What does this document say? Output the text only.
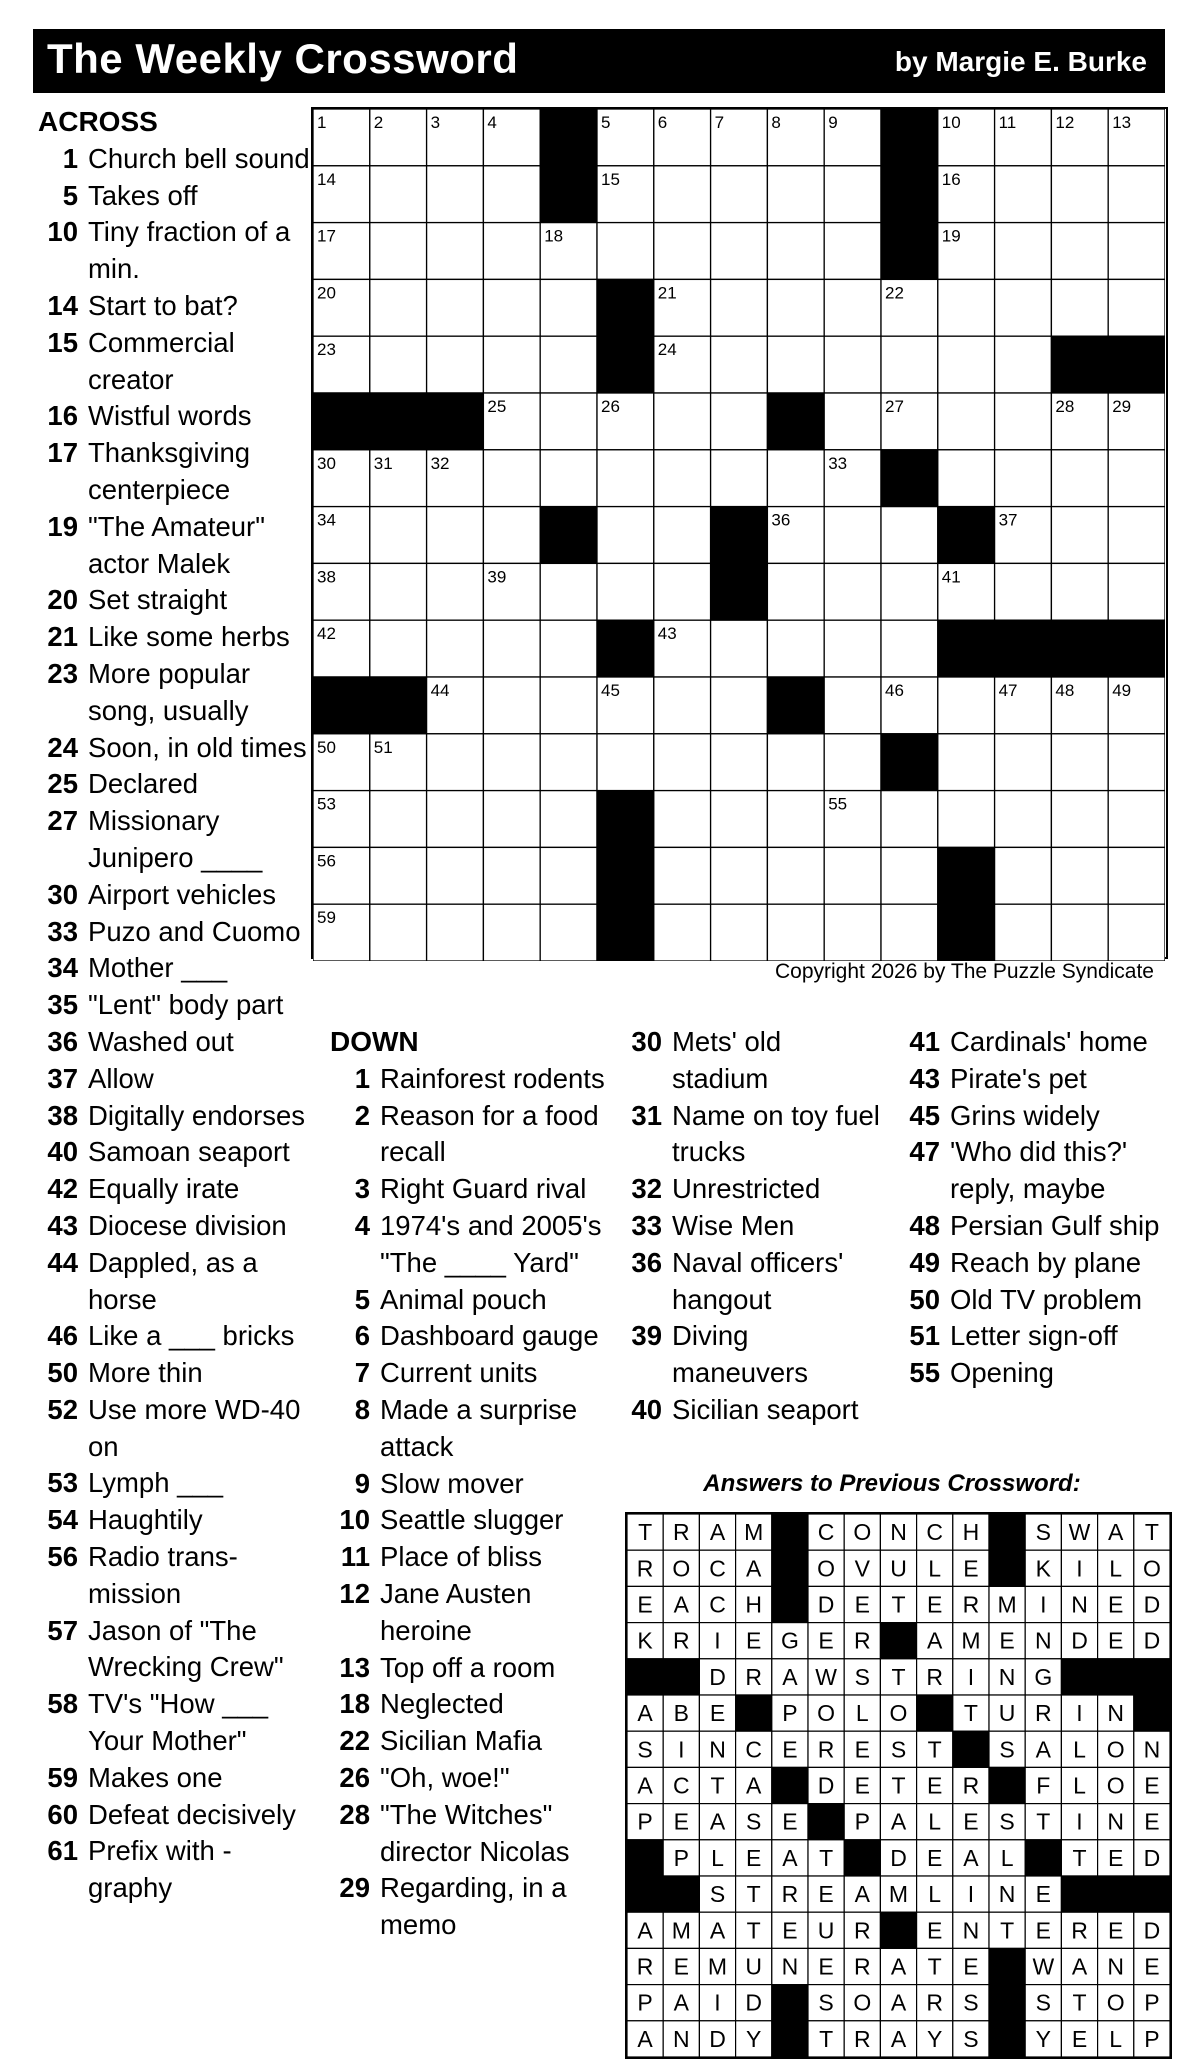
The Weekly Crossword	by Margie E. Burke
ACROSS
1 Church bell sound
5 Takes off
10 Tiny fraction of a min.
14 Start to bat?
15 Commercial creator
16 Wistful words
17 Thanksgiving centerpiece
19 "The Amateur" actor Malek
20 Set straight
21 Like some herbs
23 More popular song, usually
24 Soon, in old times
25 Declared
27 Missionary Junipero ____
30 Airport vehicles
33 Puzo and Cuomo
34 Mother ___
35 "Lent" body part
36 Washed out
37 Allow
38 Digitally endorses
40 Samoan seaport
42 Equally irate
43 Diocese division
44 Dappled, as a horse
46 Like a ___ bricks
50 More thin
52 Use more WD-40 on
53 Lymph ___
54 Haughtily
56 Radio trans-mission
57 Jason of "The Wrecking Crew"
58 TV's "How ___ Your Mother"
59 Makes one
60 Defeat decisively
61 Prefix with -graphy
1	2	3	4	5	6	7	8	9	10 11 12 13
14	15	16
17	18	19
20	21	22
23	24
25	26	27	28 29
30 31 32	33
34	36	37
38	39	41
42	43
44	45	46	47 48 49
50 51
53	55
56
59
Copyright 2026 by The Puzzle Syndicate
DOWN
1 Rainforest rodents
2 Reason for a food recall
3 Right Guard rival
4 1974's and 2005's "The ____ Yard"
5 Animal pouch
6 Dashboard gauge
7 Current units
8 Made a surprise attack
9 Slow mover
10 Seattle slugger
11 Place of bliss
12 Jane Austen heroine
13 Top off a room
18 Neglected
22 Sicilian Mafia
26 "Oh, woe!"
28 "The Witches" director Nicolas
29 Regarding, in a memo
30 Mets' old stadium
31 Name on toy fuel trucks
32 Unrestricted
33 Wise Men
36 Naval officers' hangout
39 Diving maneuvers
40 Sicilian seaport
41 Cardinals' home
43 Pirate's pet
45 Grins widely
47 'Who did this?' reply, maybe
48 Persian Gulf ship
49 Reach by plane
50 Old TV problem
51 Letter sign-off
55 Opening
Answers to Previous Crossword:
T R A M C O N C H S W A T
R O C A O V U L E K I L O
E A C H D E T E R M I N E D
K R I E G E R A M E N D E D
D R A W S T R I N G
A B E P O L O T U R I N
S I N C E R E S T	S A L O N
A C T A D E T E R F L O E
P E A S E P A L E S T I N E
P L E A T D E A L	T E D
S T R E A M L I N E
A M A T E U R E N T E R E D
R E M U N E R A T E W A N E
P A I D S O A R S S T O P
A N D Y	T R A Y S Y E L P
